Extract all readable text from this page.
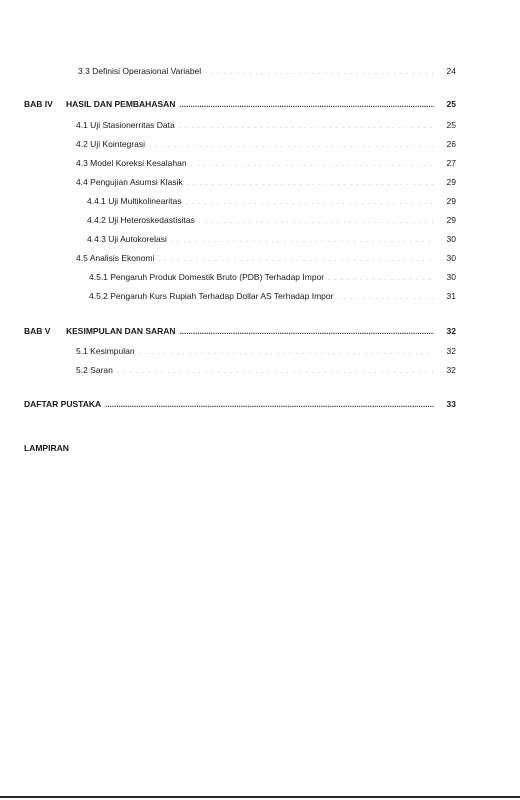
3.3 Definisi Operasional Variabel . . .	24
BAB IV HASIL DAN PEMBAHASAN .....	25
4.1 Uji Stasionerritas Data . . .	25
4.2 Uji Kointegrasi . . .	26
4.3 Model Koreksi Kesalahan . . .	27
4.4 Pengujian Asumsi Klasik . . .	29
4.4.1 Uji Multikolinearitas . . .	29
4.4.2 Uji Heteroskedastisitas . . .	29
4.4.3 Uji Autokorelasi . . .	30
4.5 Analisis Ekonomi . . .	30
4.5.1 Pengaruh Produk Domestik Bruto (PDB) Terhadap Impor . . .	30
4.5.2 Pengaruh Kurs Rupiah Terhadap Dollar AS Terhadap Impor . . .	31
BAB V KESIMPULAN DAN SARAN .....	32
5.1 Kesimpulan . . .	32
5.2 Saran . . .	32
DAFTAR PUSTAKA .....	33
LAMPIRAN
